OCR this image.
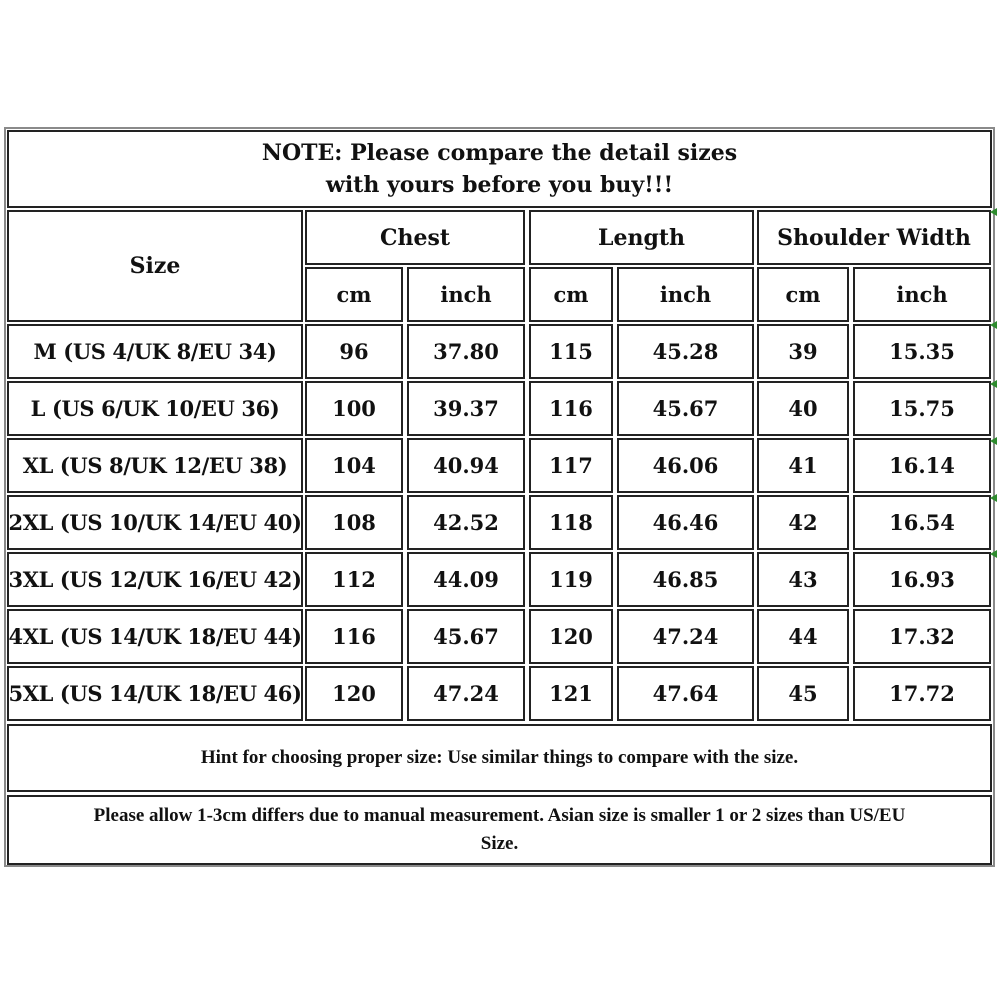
NOTE: Please compare the detail sizes
with yours before you buy!!!
Size
Chest	Length	Shoulder Width
cm	inch	cm	inch	cm	inch
M (US 4/UK 8/EU 34)	96	37.80	115	45.28	39	15.35
L (US 6/UK 10/EU 36)	100	39.37	116	45.67	40	15.75
XL (US 8/UK 12/EU 38)	104	40.94	117	46.06	41	16.14
2XL (US 10/UK 14/EU 40)	108	42.52	118	46.46	42	16.54
3XL (US 12/UK 16/EU 42)	112	44.09	119	46.85	43	16.93
4XL (US 14/UK 18/EU 44)	116	45.67	120	47.24	44	17.32
5XL (US 14/UK 18/EU 46)	120	47.24	121	47.64	45	17.72
Hint for choosing proper size: Use similar things to compare with the size.
Please allow 1-3cm differs due to manual measurement. Asian size is smaller 1 or 2 sizes than US/EU
Size.
